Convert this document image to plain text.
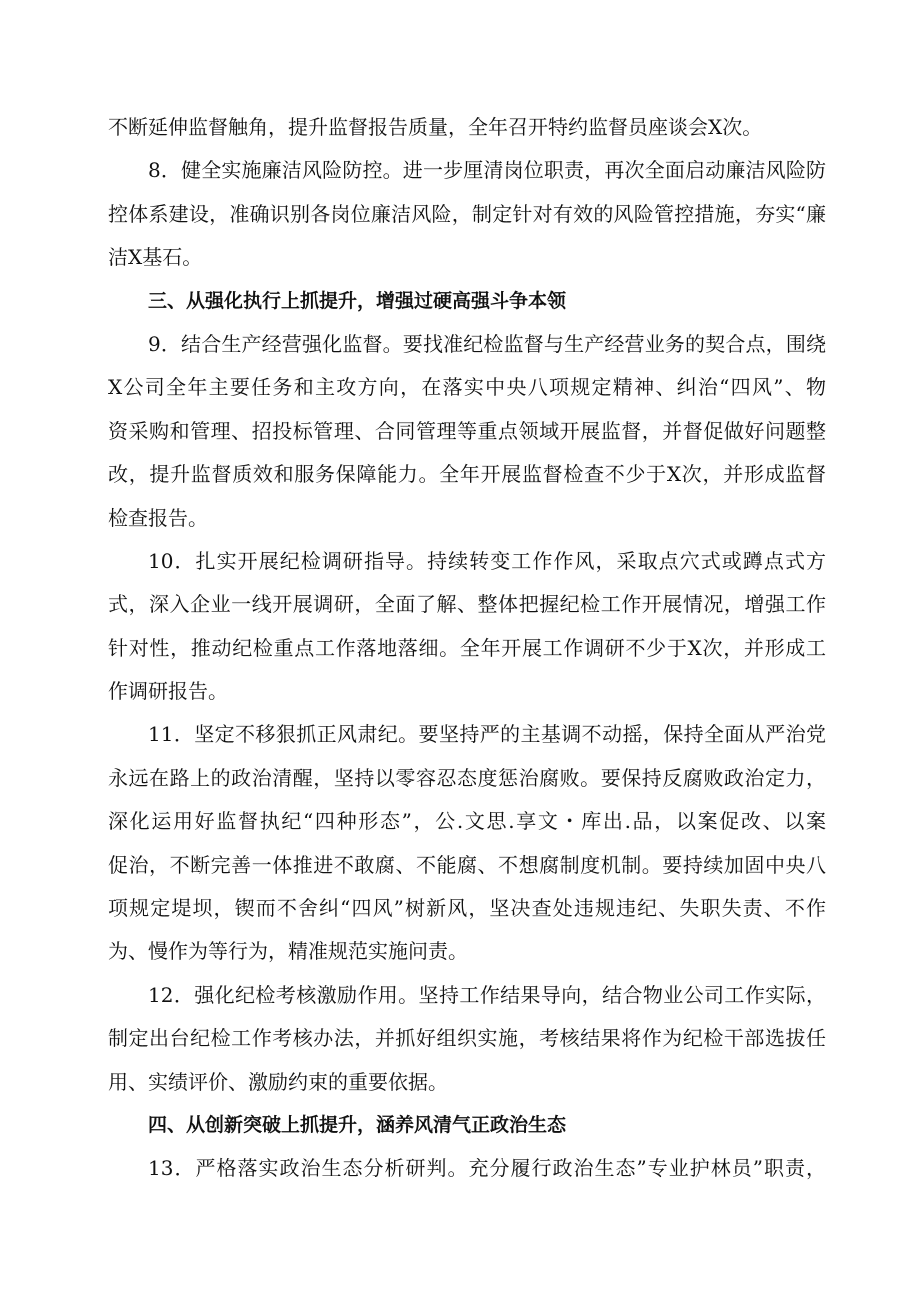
不断延伸监督触角，提升监督报告质量，全年召开特约监督员座谈会X次。
8．健全实施廉洁风险防控。进一步厘清岗位职责，再次全面启动廉洁风险防
控体系建设，准确识别各岗位廉洁风险，制定针对有效的风险管控措施，夯实“廉
洁X基石。
三、从强化执行上抓提升，增强过硬高强斗争本领
9．结合生产经营强化监督。要找准纪检监督与生产经营业务的契合点，围绕
X公司全年主要任务和主攻方向，在落实中央八项规定精神、纠治“四风”、物
资采购和管理、招投标管理、合同管理等重点领域开展监督，并督促做好问题整
改，提升监督质效和服务保障能力。全年开展监督检查不少于X次，并形成监督
检查报告。
10．扎实开展纪检调研指导。持续转变工作作风，采取点穴式或蹲点式方
式，深入企业一线开展调研，全面了解、整体把握纪检工作开展情况，增强工作
针对性，推动纪检重点工作落地落细。全年开展工作调研不少于X次，并形成工
作调研报告。
11．坚定不移狠抓正风肃纪。要坚持严的主基调不动摇，保持全面从严治党
永远在路上的政治清醒，坚持以零容忍态度惩治腐败。要保持反腐败政治定力，
深化运用好监督执纪“四种形态”，公.文思.享文・库出.品，以案促改、以案
促治，不断完善一体推进不敢腐、不能腐、不想腐制度机制。要持续加固中央八
项规定堤坝，锲而不舍纠“四风”树新风，坚决查处违规违纪、失职失责、不作
为、慢作为等行为，精准规范实施问责。
12．强化纪检考核激励作用。坚持工作结果导向，结合物业公司工作实际，
制定出台纪检工作考核办法，并抓好组织实施，考核结果将作为纪检干部选拔任
用、实绩评价、激励约束的重要依据。
四、从创新突破上抓提升，涵养风清气正政治生态
13．严格落实政治生态分析研判。充分履行政治生态”专业护林员”职责，
